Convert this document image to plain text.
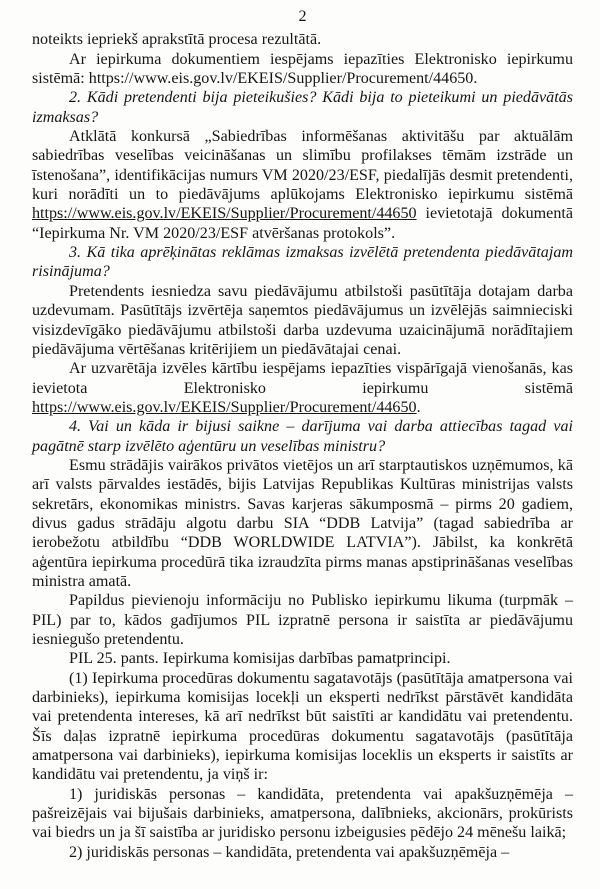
2

noteikts iepriekš aprakstītā procesa rezultātā.

Ar iepirkuma dokumentiem iespējams iepazīties Elektronisko iepirkumu sistēmā: https://www.eis.gov.lv/EKEIS/Supplier/Procurement/44650.

2. Kādi pretendenti bija pieteikušies? Kādi bija to pieteikumi un piedāvātās izmaksas?

Atklātā konkursā „Sabiedrības informēšanas aktivitāšu par aktuālām sabiedrības veselības veicināšanas un slimību profilakses tēmām izstrāde un īstenošana”, identifikācijas numurs VM 2020/23/ESF, piedalījās desmit pretendenti, kuri norādīti un to piedāvājums aplūkojams Elektronisko iepirkumu sistēmā https://www.eis.gov.lv/EKEIS/Supplier/Procurement/44650 ievietotajā dokumentā “Iepirkuma Nr. VM 2020/23/ESF atvēršanas protokols”.

3. Kā tika aprēķinātas reklāmas izmaksas izvēlētā pretendenta piedāvātajam risinājuma?

Pretendents iesniedza savu piedāvājumu atbilstoši pasūtītāja dotajam darba uzdevumam. Pasūtītājs izvērtēja saņemtos piedāvājumus un izvēlējās saimnieciski visizdevīgāko piedāvājumu atbilstoši darba uzdevuma uzaicinājumā norādītajiem piedāvājuma vērtēšanas kritērijiem un piedāvātajai cenai.

Ar uzvarētāja izvēles kārtību iespējams iepazīties vispārīgajā vienošanās, kas ievietota Elektronisko iepirkumu sistēmā https://www.eis.gov.lv/EKEIS/Supplier/Procurement/44650.

4. Vai un kāda ir bijusi saikne – darījuma vai darba attiecības tagad vai pagātnē starp izvēlēto aģentūru un veselības ministru?

Esmu strādājis vairākos privātos vietējos un arī starptautiskos uzņēmumos, kā arī valsts pārvaldes iestādēs, bijis Latvijas Republikas Kultūras ministrijas valsts sekretārs, ekonomikas ministrs. Savas karjeras sākumposmā – pirms 20 gadiem, divus gadus strādāju algotu darbu SIA “DDB Latvija” (tagad sabiedrība ar ierobežotu atbildību “DDB WORLDWIDE LATVIA”). Jābilst, ka konkrētā aģentūra iepirkuma procedūrā tika izraudzīta pirms manas apstiprināšanas veselības ministra amatā.

Papildus pievienoju informāciju no Publisko iepirkumu likuma (turpmāk – PIL) par to, kādos gadījumos PIL izpratnē persona ir saistīta ar piedāvājumu iesniegušo pretendentu.

PIL 25. pants. Iepirkuma komisijas darbības pamatprincipi.

(1) Iepirkuma procedūras dokumentu sagatavotājs (pasūtītāja amatpersona vai darbinieks), iepirkuma komisijas locekļi un eksperti nedrīkst pārstāvēt kandidāta vai pretendenta intereses, kā arī nedrīkst būt saistīti ar kandidātu vai pretendentu. Šīs daļas izpratnē iepirkuma procedūras dokumentu sagatavotājs (pasūtītāja amatpersona vai darbinieks), iepirkuma komisijas loceklis un eksperts ir saistīts ar kandidātu vai pretendentu, ja viņš ir:

1) juridiskās personas – kandidāta, pretendenta vai apakšuzņēmēja – pašreizējais vai bijušais darbinieks, amatpersona, dalībnieks, akcionārs, prokūrists vai biedrs un ja šī saistība ar juridisko personu izbeigusies pēdējo 24 mēnešu laikā;

2) juridiskās personas – kandidāta, pretendenta vai apakšuzņēmēja –
